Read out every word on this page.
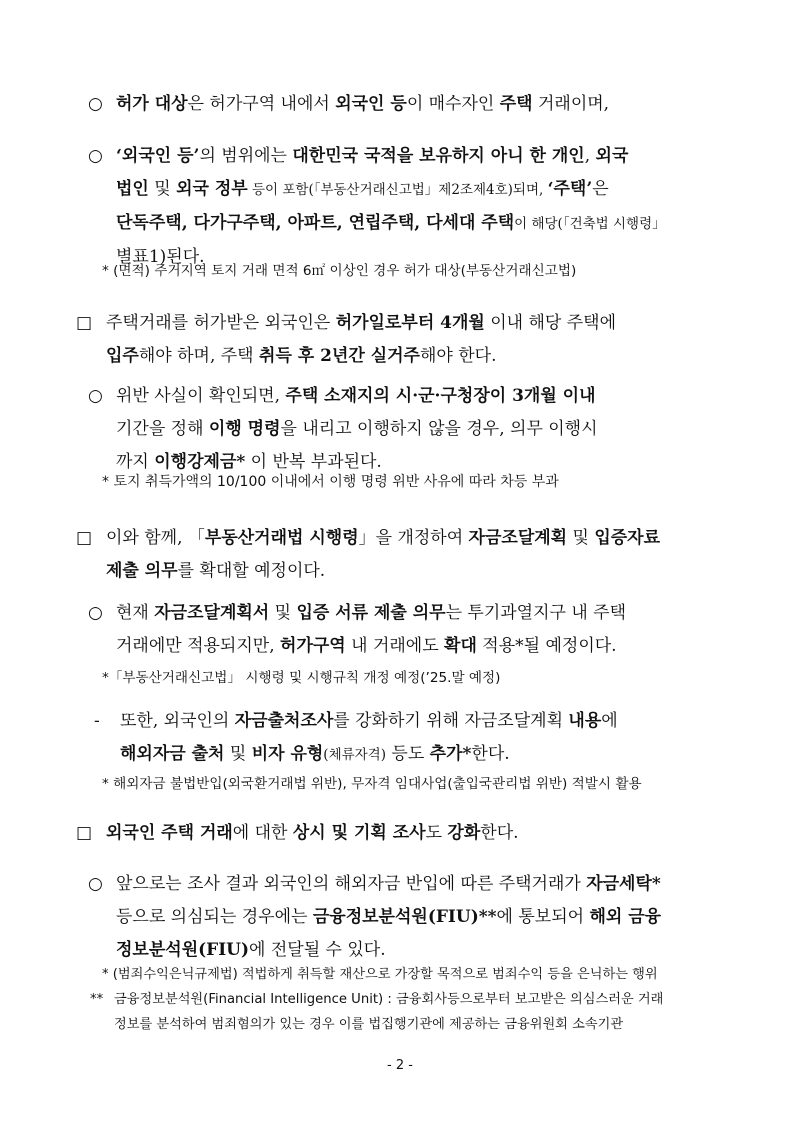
○ 허가 대상은 허가구역 내에서 외국인 등이 매수자인 주택 거래이며,
○ ‘외국인 등’의 범위에는 대한민국 국적을 보유하지 아니 한 개인, 외국
법인 및 외국 정부 등이 포함(「부동산거래신고법」제2조제4호)되며, ‘주택’은
단독주택, 다가구주택, 아파트, 연립주택, 다세대 주택이 해당(「건축법 시행령」
별표1)된다.
* (면적) 주거지역 토지 거래 면적 6㎡ 이상인 경우 허가 대상(부동산거래신고법)
□ 주택거래를 허가받은 외국인은 허가일로부터 4개월 이내 해당 주택에
입주해야 하며, 주택 취득 후 2년간 실거주해야 한다.
○ 위반 사실이 확인되면, 주택 소재지의 시·군·구청장이 3개월 이내
기간을 정해 이행 명령을 내리고 이행하지 않을 경우, 의무 이행시
까지 이행강제금* 이 반복 부과된다.
* 토지 취득가액의 10/100 이내에서 이행 명령 위반 사유에 따라 차등 부과
□ 이와 함께, 「부동산거래법 시행령」을 개정하여 자금조달계획 및 입증자료
제출 의무를 확대할 예정이다.
○ 현재 자금조달계획서 및 입증 서류 제출 의무는 투기과열지구 내 주택
거래에만 적용되지만, 허가구역 내 거래에도 확대 적용*될 예정이다.
*「부동산거래신고법」 시행령 및 시행규칙 개정 예정(’25.말 예정)
- 또한, 외국인의 자금출처조사를 강화하기 위해 자금조달계획 내용에
해외자금 출처 및 비자 유형(체류자격) 등도 추가*한다.
* 해외자금 불법반입(외국환거래법 위반), 무자격 임대사업(출입국관리법 위반) 적발시 활용
□ 외국인 주택 거래에 대한 상시 및 기획 조사도 강화한다.
○ 앞으로는 조사 결과 외국인의 해외자금 반입에 따른 주택거래가 자금세탁*
등으로 의심되는 경우에는 금융정보분석원(FIU)**에 통보되어 해외 금융
정보분석원(FIU)에 전달될 수 있다.
* (범죄수익은닉규제법) 적법하게 취득할 재산으로 가장할 목적으로 범죄수익 등을 은닉하는 행위
** 금융정보분석원(Financial Intelligence Unit) : 금융회사등으로부터 보고받은 의심스러운 거래
정보를 분석하여 범죄혐의가 있는 경우 이를 법집행기관에 제공하는 금융위원회 소속기관
- 2 -
